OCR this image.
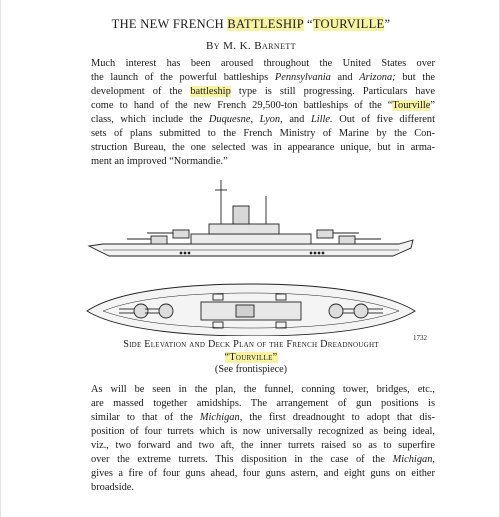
THE NEW FRENCH BATTLESHIP “TOURVILLE”
By M. K. Barnett

Much interest has been aroused throughout the United States over
the launch of the powerful battleships Pennsylvania and Arizona; but the
development of the battleship type is still progressing. Particulars have
come to hand of the new French 29,500-ton battleships of the “Tourville”
class, which include the Duquesne, Lyon, and Lille. Out of five different
sets of plans submitted to the French Ministry of Marine by the Con-
struction Bureau, the one selected was in appearance unique, but in arma-
ment an improved “Normandie.”

Side Elevation and Deck Plan of the French Dreadnought
1732
“Tourville”
(See frontispiece)

As will be seen in the plan, the funnel, conning tower, bridges, etc.,
are massed together amidships. The arrangement of gun positions is
similar to that of the Michigan, the first dreadnought to adopt that dis-
position of four turrets which is now universally recognized as being ideal,
viz., two forward and two aft, the inner turrets raised so as to superfire
over the extreme turrets. This disposition in the case of the Michigan,
gives a fire of four guns ahead, four guns astern, and eight guns on either
broadside.
